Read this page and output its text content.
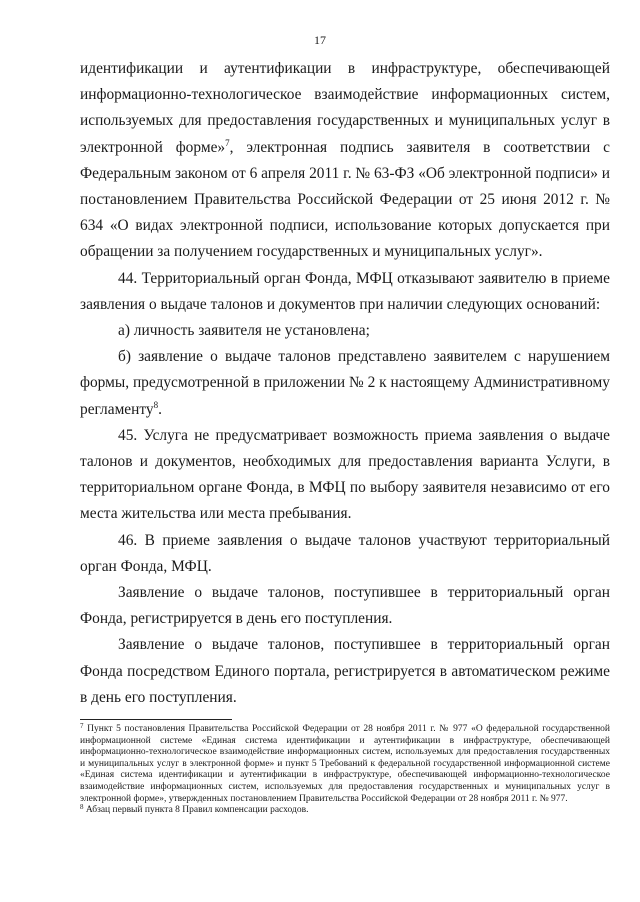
17

идентификации и аутентификации в инфраструктуре, обеспечивающей информационно-технологическое взаимодействие информационных систем, используемых для предоставления государственных и муниципальных услуг в электронной форме»$^7$, электронная подпись заявителя в соответствии с Федеральным законом от 6 апреля 2011 г. № 63-ФЗ «Об электронной подписи» и постановлением Правительства Российской Федерации от 25 июня 2012 г. № 634 «О видах электронной подписи, использование которых допускается при обращении за получением государственных и муниципальных услуг».

44. Территориальный орган Фонда, МФЦ отказывают заявителю в приеме заявления о выдаче талонов и документов при наличии следующих оснований:

а) личность заявителя не установлена;

б) заявление о выдаче талонов представлено заявителем с нарушением формы, предусмотренной в приложении № 2 к настоящему Административному регламенту$^8$.

45. Услуга не предусматривает возможность приема заявления о выдаче талонов и документов, необходимых для предоставления варианта Услуги, в территориальном органе Фонда, в МФЦ по выбору заявителя независимо от его места жительства или места пребывания.

46. В приеме заявления о выдаче талонов участвуют территориальный орган Фонда, МФЦ.

Заявление о выдаче талонов, поступившее в территориальный орган Фонда, регистрируется в день его поступления.

Заявление о выдаче талонов, поступившее в территориальный орган Фонда посредством Единого портала, регистрируется в автоматическом режиме в день его поступления.

$^7$ Пункт 5 постановления Правительства Российской Федерации от 28 ноября 2011 г. № 977 «О федеральной государственной информационной системе «Единая система идентификации и аутентификации в инфраструктуре, обеспечивающей информационно-технологическое взаимодействие информационных систем, используемых для предоставления государственных и муниципальных услуг в электронной форме» и пункт 5 Требований к федеральной государственной информационной системе «Единая система идентификации и аутентификации в инфраструктуре, обеспечивающей информационно-технологическое взаимодействие информационных систем, используемых для предоставления государственных и муниципальных услуг в электронной форме», утвержденных постановлением Правительства Российской Федерации от 28 ноября 2011 г. № 977.

$^8$ Абзац первый пункта 8 Правил компенсации расходов.
